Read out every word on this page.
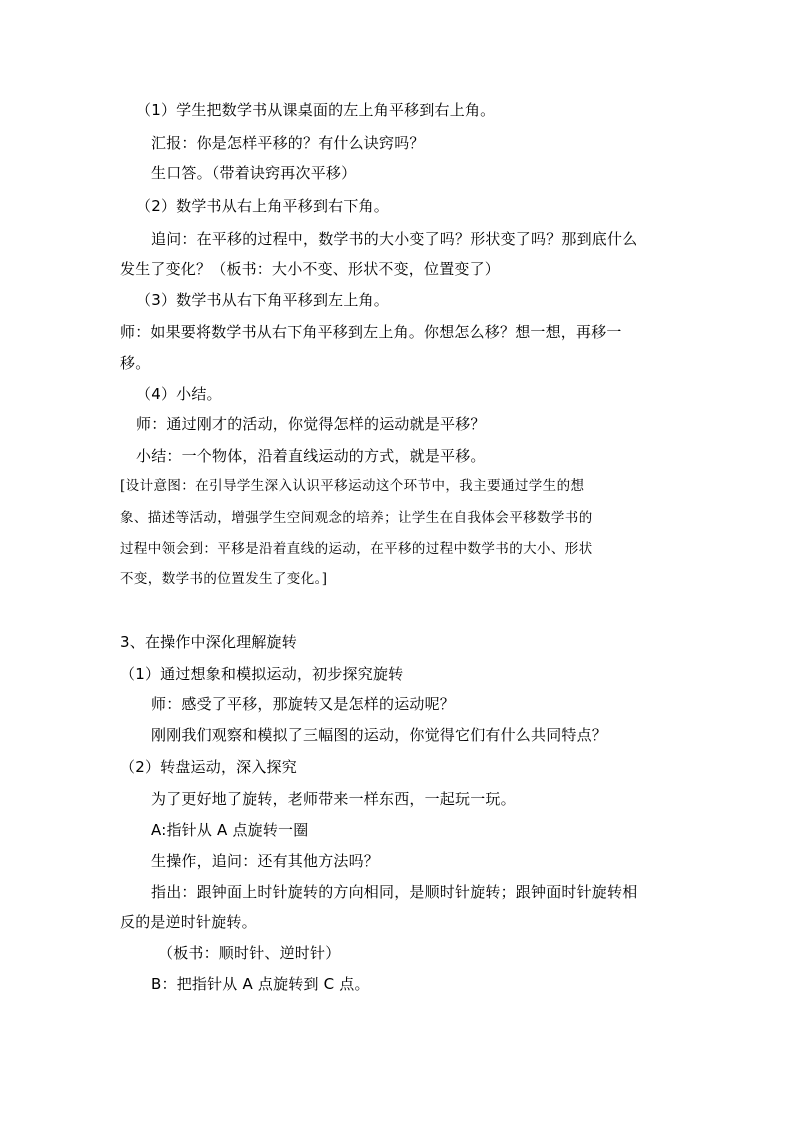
（1）学生把数学书从课桌面的左上角平移到右上角。
汇报：你是怎样平移的？有什么诀窍吗？
生口答。（带着诀窍再次平移）
（2）数学书从右上角平移到右下角。
追问：在平移的过程中，数学书的大小变了吗？形状变了吗？那到底什么
发生了变化？（板书：大小不变、形状不变，位置变了）
（3）数学书从右下角平移到左上角。
师：如果要将数学书从右下角平移到左上角。你想怎么移？想一想，再移一
移。
（4）小结。
师：通过刚才的活动，你觉得怎样的运动就是平移？
小结：一个物体，沿着直线运动的方式，就是平移。
[设计意图：在引导学生深入认识平移运动这个环节中，我主要通过学生的想
象、描述等活动，增强学生空间观念的培养；让学生在自我体会平移数学书的
过程中领会到：平移是沿着直线的运动，在平移的过程中数学书的大小、形状
不变，数学书的位置发生了变化。]
3、在操作中深化理解旋转
（1）通过想象和模拟运动，初步探究旋转
师：感受了平移，那旋转又是怎样的运动呢？
刚刚我们观察和模拟了三幅图的运动，你觉得它们有什么共同特点？
（2）转盘运动，深入探究
为了更好地了旋转，老师带来一样东西，一起玩一玩。
A:指针从 A 点旋转一圈
生操作，追问：还有其他方法吗？
指出：跟钟面上时针旋转的方向相同，是顺时针旋转；跟钟面时针旋转相
反的是逆时针旋转。
（板书：顺时针、逆时针）
B：把指针从 A 点旋转到 C 点。
